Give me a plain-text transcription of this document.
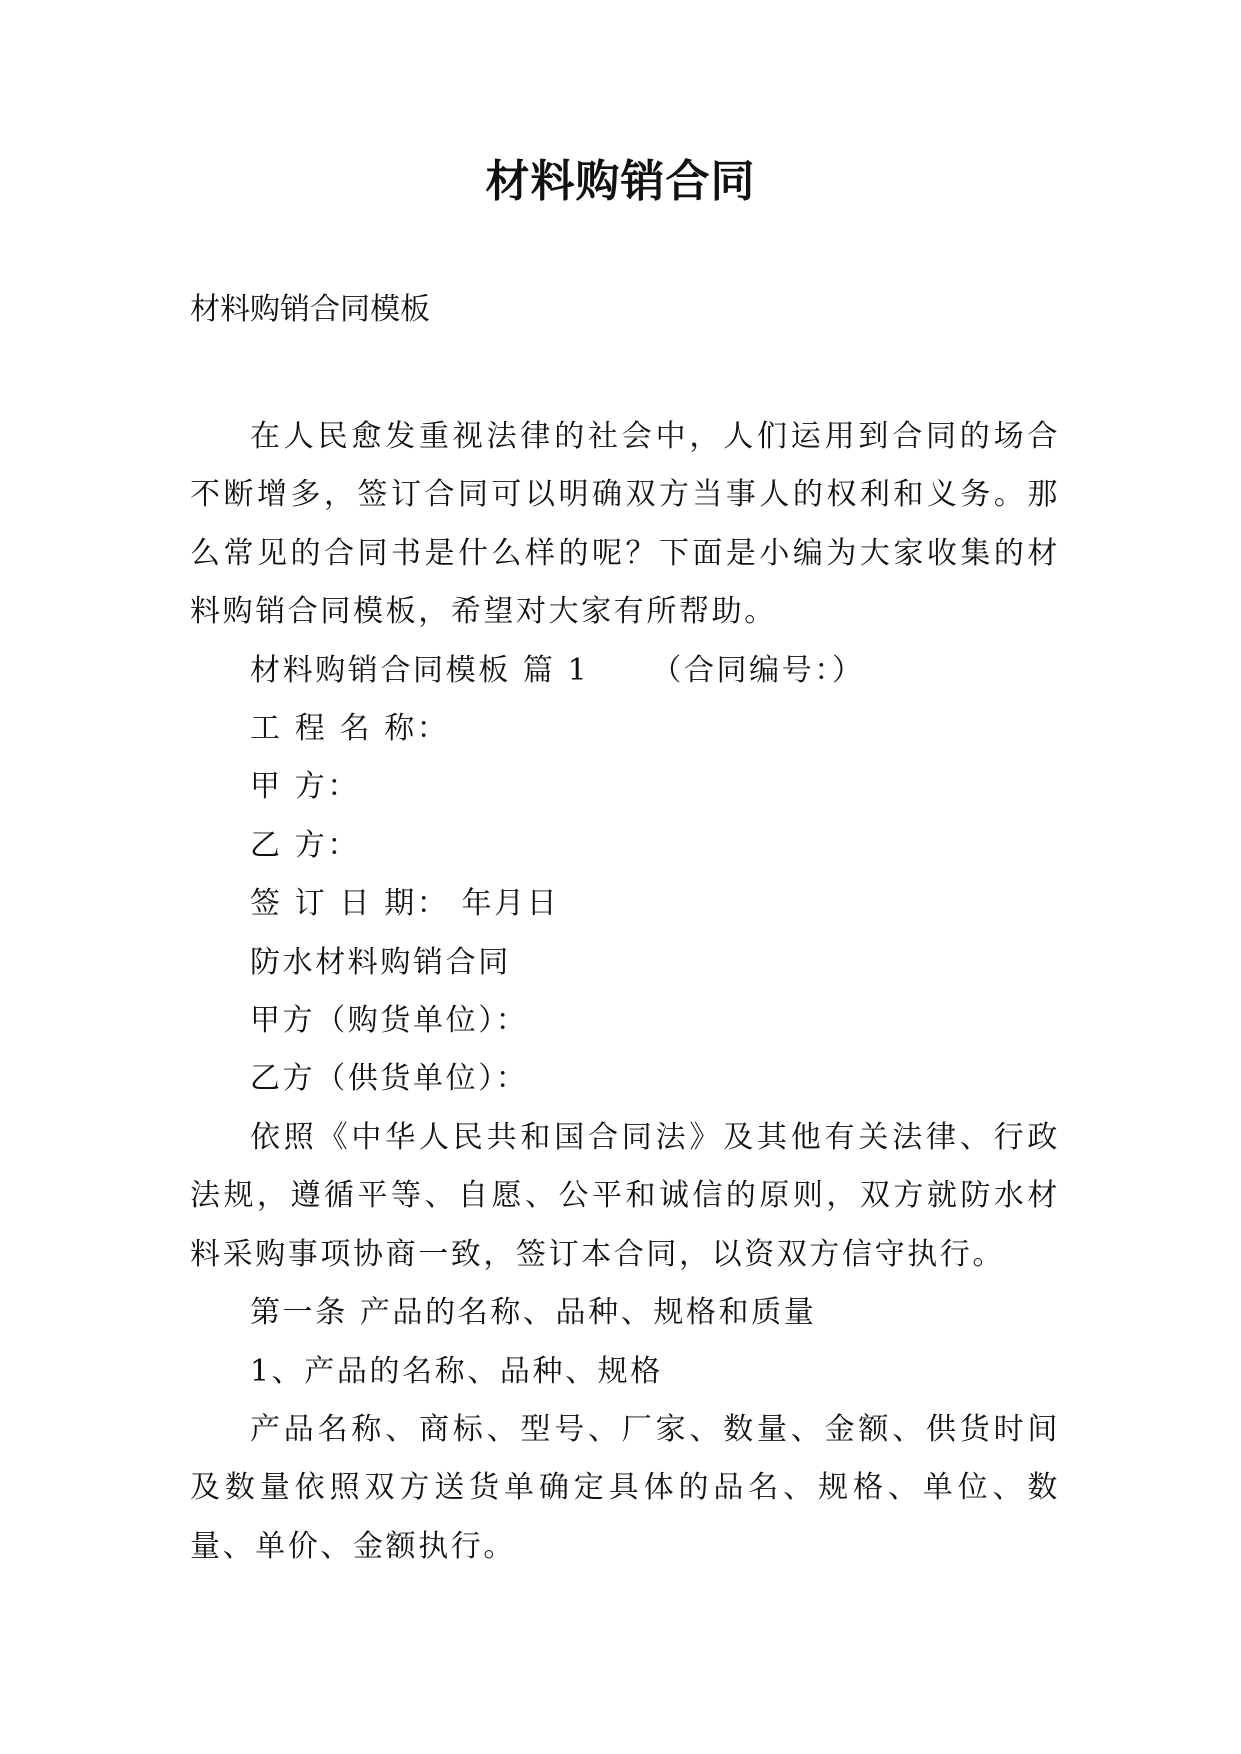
材料购销合同

材料购销合同模板

在人民愈发重视法律的社会中，人们运用到合同的场合不断增多，签订合同可以明确双方当事人的权利和义务。那么常见的合同书是什么样的呢？下面是小编为大家收集的材料购销合同模板，希望对大家有所帮助。

材料购销合同模板 篇 1 （合同编号：）

工 程 名 称：

甲 方：

乙 方：

签 订 日 期： 年月日

防水材料购销合同

甲方（购货单位）：

乙方（供货单位）：

依照《中华人民共和国合同法》及其他有关法律、行政法规，遵循平等、自愿、公平和诚信的原则，双方就防水材料采购事项协商一致，签订本合同，以资双方信守执行。

第一条 产品的名称、品种、规格和质量

1、产品的名称、品种、规格

产品名称、商标、型号、厂家、数量、金额、供货时间及数量依照双方送货单确定具体的品名、规格、单位、数量、单价、金额执行。
